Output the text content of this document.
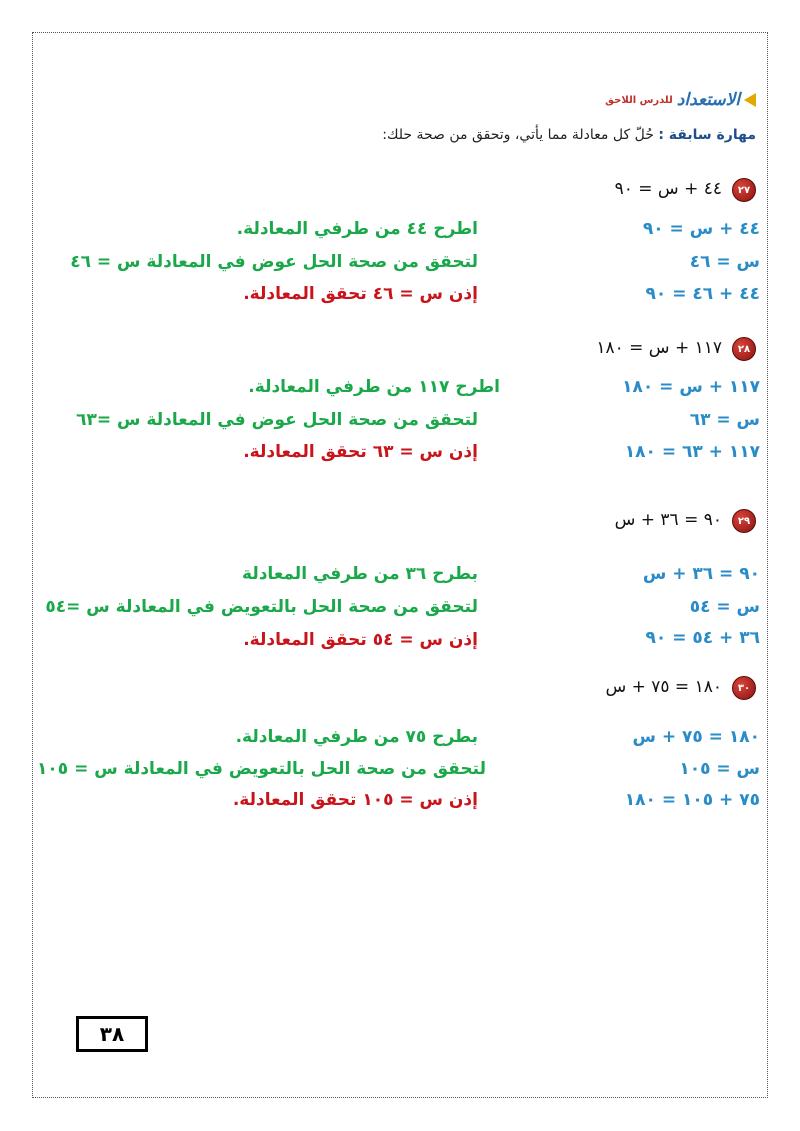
الاستعداد
للدرس اللاحق
مهارة سابقة : حُلّ كل معادلة مما يأتي، وتحقق من صحة حلك:
٢٧
٤٤ + س = ٩٠
٤٤ + س = ٩٠
س = ٤٦
٤٤ + ٤٦ = ٩٠
اطرح ٤٤ من طرفي المعادلة.
لتحقق من صحة الحل عوض في المعادلة س = ٤٦
إذن س = ٤٦ تحقق المعادلة.
٢٨
١١٧ + س = ١٨٠
١١٧ + س = ١٨٠
س = ٦٣
١١٧ + ٦٣ = ١٨٠
اطرح ١١٧ من طرفي المعادلة.
لتحقق من صحة الحل عوض في المعادلة س =٦٣
إذن س = ٦٣ تحقق المعادلة.
٢٩
٩٠ = ٣٦ + س
٩٠ = ٣٦ + س
س = ٥٤
٣٦ + ٥٤ = ٩٠
بطرح ٣٦ من طرفي المعادلة
لتحقق من صحة الحل بالتعويض في المعادلة س =٥٤
إذن س = ٥٤ تحقق المعادلة.
٣٠
١٨٠ = ٧٥ + س
١٨٠ = ٧٥ + س
س = ١٠٥
٧٥ + ١٠٥ = ١٨٠
بطرح ٧٥ من طرفي المعادلة.
لتحقق من صحة الحل بالتعويض في المعادلة س = ١٠٥
إذن س = ١٠٥ تحقق المعادلة.
٣٨
